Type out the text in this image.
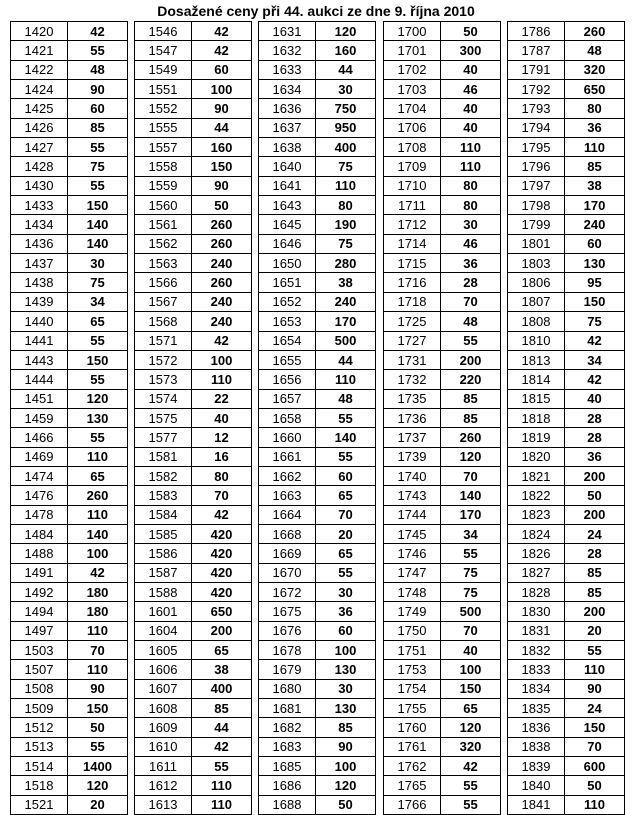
Dosažené ceny při 44. aukci ze dne 9. října 2010
1420	42
1421	55
1422	48
1424	90
1425	60
1426	85
1427	55
1428	75
1430	55
1433	150
1434	140
1436	140
1437	30
1438	75
1439	34
1440	65
1441	55
1443	150
1444	55
1451	120
1459	130
1466	55
1469	110
1474	65
1476	260
1478	110
1484	140
1488	100
1491	42
1492	180
1494	180
1497	110
1503	70
1507	110
1508	90
1509	150
1512	50
1513	55
1514	1400
1518	120
1521	20
1546	42
1547	42
1549	60
1551	100
1552	90
1555	44
1557	160
1558	150
1559	90
1560	50
1561	260
1562	260
1563	240
1566	260
1567	240
1568	240
1571	42
1572	100
1573	110
1574	22
1575	40
1577	12
1581	16
1582	80
1583	70
1584	42
1585	420
1586	420
1587	420
1588	420
1601	650
1604	200
1605	65
1606	38
1607	400
1608	85
1609	44
1610	42
1611	55
1612	110
1613	110
1631	120
1632	160
1633	44
1634	30
1636	750
1637	950
1638	400
1640	75
1641	110
1643	80
1645	190
1646	75
1650	280
1651	38
1652	240
1653	170
1654	500
1655	44
1656	110
1657	48
1658	55
1660	140
1661	55
1662	60
1663	65
1664	70
1668	20
1669	65
1670	55
1672	30
1675	36
1676	60
1678	100
1679	130
1680	30
1681	130
1682	85
1683	90
1685	100
1686	120
1688	50
1700	50
1701	300
1702	40
1703	46
1704	40
1706	40
1708	110
1709	110
1710	80
1711	80
1712	30
1714	46
1715	36
1716	28
1718	70
1725	48
1727	55
1731	200
1732	220
1735	85
1736	85
1737	260
1739	120
1740	70
1743	140
1744	170
1745	34
1746	55
1747	75
1748	75
1749	500
1750	70
1751	40
1753	100
1754	150
1755	65
1760	120
1761	320
1762	42
1765	55
1766	55
1786	260
1787	48
1791	320
1792	650
1793	80
1794	36
1795	110
1796	85
1797	38
1798	170
1799	240
1801	60
1803	130
1806	95
1807	150
1808	75
1810	42
1813	34
1814	42
1815	40
1818	28
1819	28
1820	36
1821	200
1822	50
1823	200
1824	24
1826	28
1827	85
1828	85
1830	200
1831	20
1832	55
1833	110
1834	90
1835	24
1836	150
1838	70
1839	600
1840	50
1841	110
